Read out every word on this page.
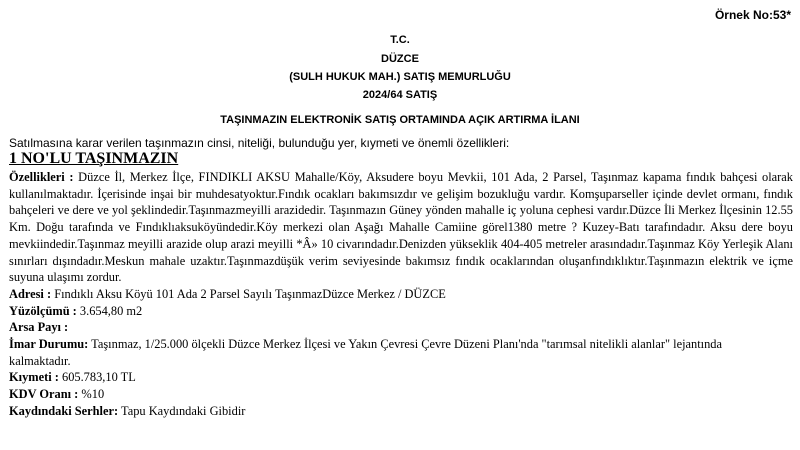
Örnek No:53*
T.C.
DÜZCE
(SULH HUKUK MAH.) SATIŞ MEMURLUĞU
2024/64 SATIŞ
TAŞINMAZIN ELEKTRONİK SATIŞ ORTAMINDA AÇIK ARTIRMA İLANI
Satılmasına karar verilen taşınmazın cinsi, niteliği, bulunduğu yer, kıymeti ve önemli özellikleri:
1 NO'LU TAŞINMAZIN

Özellikleri : Düzce İl, Merkez İlçe, FINDIKLI AKSU Mahalle/Köy, Aksudere boyu Mevkii, 101 Ada, 2 Parsel, Taşınmaz kapama fındık bahçesi olarak kullanılmaktadır. İçerisinde inşai bir muhdesatyoktur.Fındık ocakları bakımsızdır ve gelişim bozukluğu vardır. Komşuparseller içinde devlet ormanı, fındık bahçeleri ve dere ve yol şeklindedir.Taşınmazmeyilli arazidedir. Taşınmazın Güney yönden mahalle iç yoluna cephesi vardır.Düzce İli Merkez İlçesinin 12.55 Km. Doğu tarafında ve Fındıklıaksuköyündedir.Köy merkezi olan Aşağı Mahalle Camiine görel1380 metre ? Kuzey-Batı tarafındadır. Aksu dere boyu mevkiindedir.Taşınmaz meyilli arazide olup arazi meyilli *Â» 10 civarındadır.Denizden yükseklik 404-405 metreler arasındadır.Taşınmaz Köy Yerleşik Alanı sınırları dışındadır.Meskun mahale uzaktır.Taşınmazdüşük verim seviyesinde bakımsız fındık ocaklarından oluşanfındıklıktır.Taşınmazın elektrik ve içme suyuna ulaşımı zordur.

Adresi : Fındıklı Aksu Köyü 101 Ada 2 Parsel Sayılı TaşınmazDüzce Merkez / DÜZCE

Yüzölçümü : 3.654,80 m2

Arsa Payı :

İmar Durumu: Taşınmaz, 1/25.000 ölçekli Düzce Merkez İlçesi ve Yakın Çevresi Çevre Düzeni Planı'nda "tarımsal nitelikli alanlar" lejantında kalmaktadır.

Kıymeti : 605.783,10 TL

KDV Oranı : %10

Kaydındaki Serhler: Tapu Kaydındaki Gibidir
